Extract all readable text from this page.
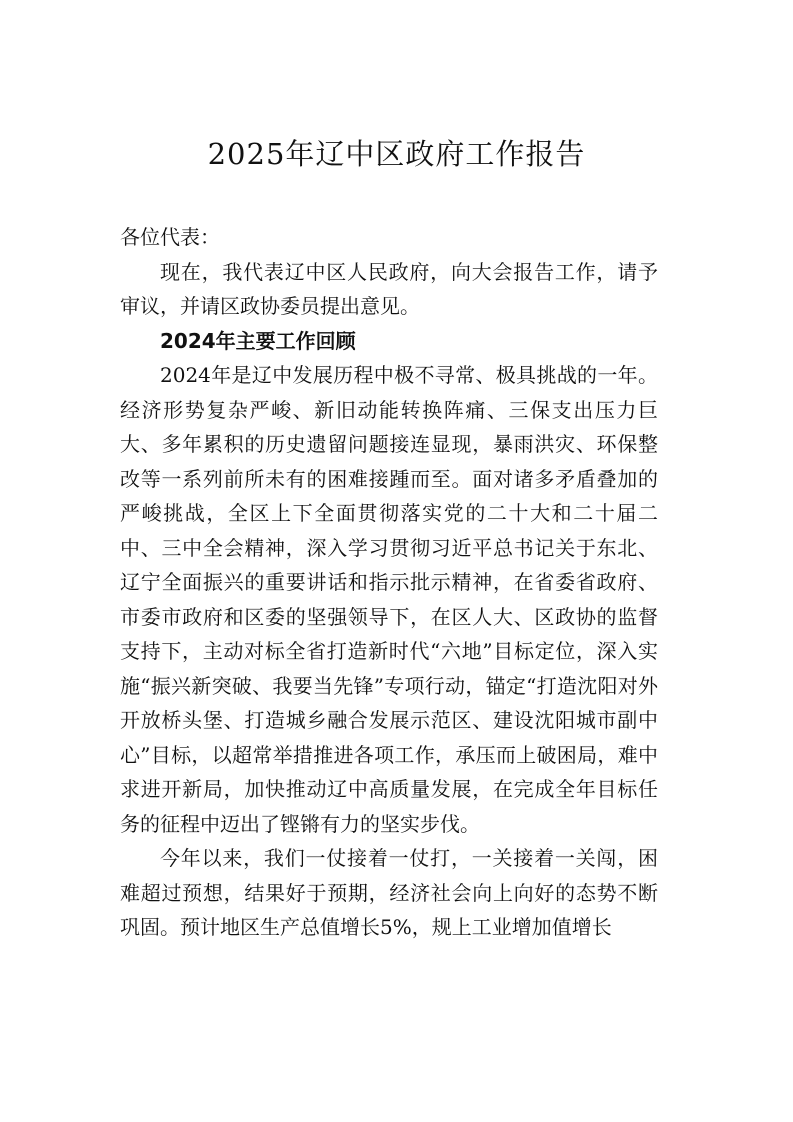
2025年辽中区政府工作报告

各位代表：

现在，我代表辽中区人民政府，向大会报告工作，请予审议，并请区政协委员提出意见。

2024年主要工作回顾

2024年是辽中发展历程中极不寻常、极具挑战的一年。经济形势复杂严峻、新旧动能转换阵痛、三保支出压力巨大、多年累积的历史遗留问题接连显现，暴雨洪灾、环保整改等一系列前所未有的困难接踵而至。面对诸多矛盾叠加的严峻挑战，全区上下全面贯彻落实党的二十大和二十届二中、三中全会精神，深入学习贯彻习近平总书记关于东北、辽宁全面振兴的重要讲话和指示批示精神，在省委省政府、市委市政府和区委的坚强领导下，在区人大、区政协的监督支持下，主动对标全省打造新时代“六地”目标定位，深入实施“振兴新突破、我要当先锋”专项行动，锚定“打造沈阳对外开放桥头堡、打造城乡融合发展示范区、建设沈阳城市副中心”目标，以超常举措推进各项工作，承压而上破困局，难中求进开新局，加快推动辽中高质量发展，在完成全年目标任务的征程中迈出了铿锵有力的坚实步伐。

今年以来，我们一仗接着一仗打，一关接着一关闯，困难超过预想，结果好于预期，经济社会向上向好的态势不断巩固。预计地区生产总值增长5%，规上工业增加值增长
